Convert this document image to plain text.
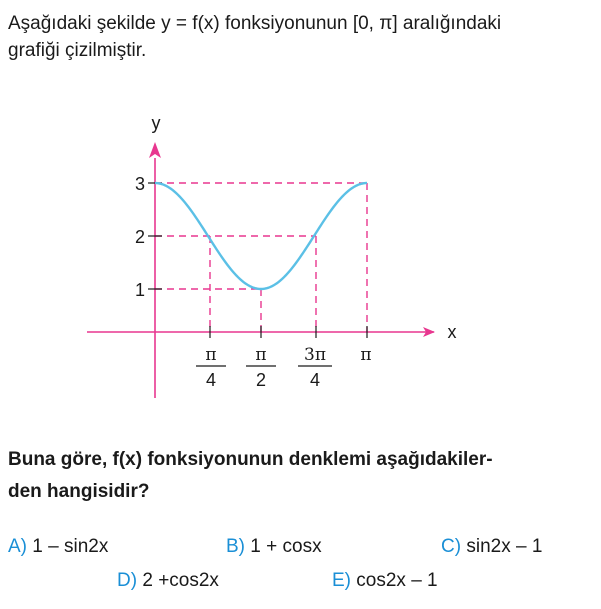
Aşağıdaki şekilde y = f(x) fonksiyonunun [0, π] aralığındaki
grafiği çizilmiştir.
y
x
1
2
3
π
4
π
2
3π
4
π
Buna göre, f(x) fonksiyonunun denklemi aşağıdakiler-
den hangisidir?
A) 1 – sin2x	B) 1 + cosx	C) sin2x – 1
D) 2 +cos2x	E) cos2x – 1
